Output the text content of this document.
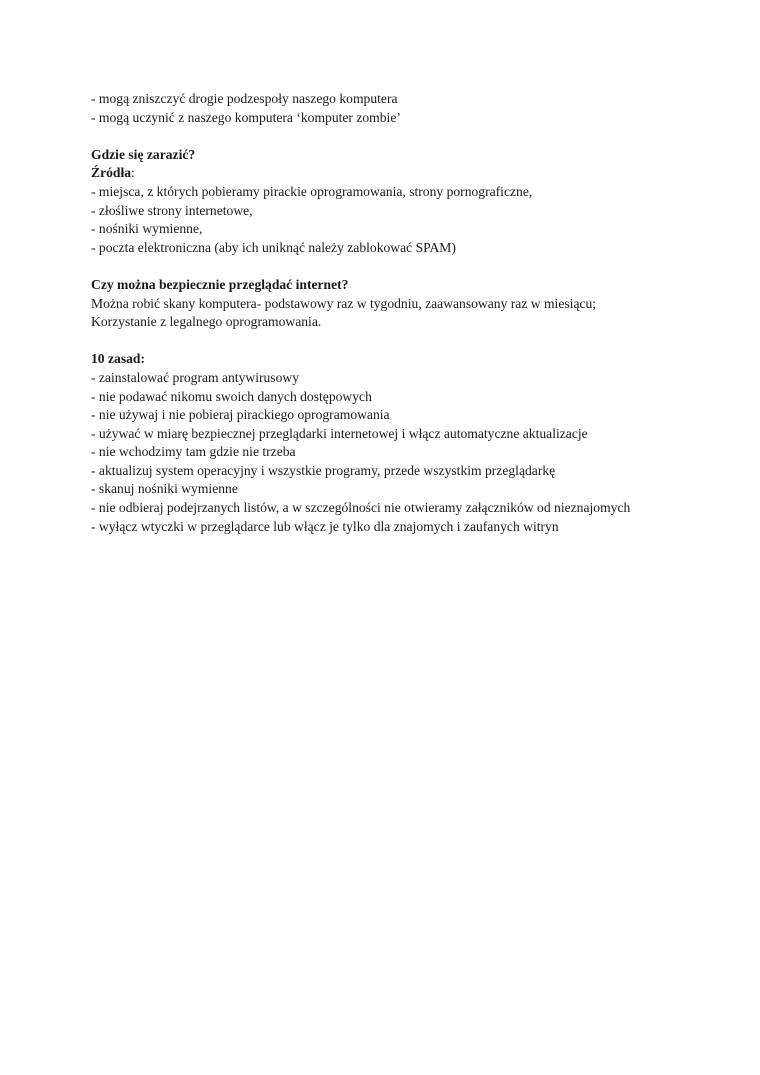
- mogą zniszczyć drogie podzespoły naszego komputera
- mogą uczynić z naszego komputera ‘komputer zombie’
Gdzie się zarazić?
Źródła:
- miejsca, z których pobieramy pirackie oprogramowania, strony pornograficzne,
- złośliwe strony internetowe,
- nośniki wymienne,
- poczta elektroniczna (aby ich uniknąć należy zablokować SPAM)
Czy można bezpiecznie przeglądać internet?
Można robić skany komputera- podstawowy raz w tygodniu, zaawansowany raz w miesiącu;
Korzystanie z legalnego oprogramowania.
10 zasad:
- zainstalować program antywirusowy
- nie podawać nikomu swoich danych dostępowych
- nie używaj i nie pobieraj pirackiego oprogramowania
- używać w miarę bezpiecznej przeglądarki internetowej i włącz automatyczne aktualizacje
- nie wchodzimy tam gdzie nie trzeba
- aktualizuj system operacyjny i wszystkie programy, przede wszystkim przeglądarkę
- skanuj nośniki wymienne
- nie odbieraj podejrzanych listów, a w szczególności nie otwieramy załączników od nieznajomych
- wyłącz wtyczki w przeglądarce lub włącz je tylko dla znajomych i zaufanych witryn
